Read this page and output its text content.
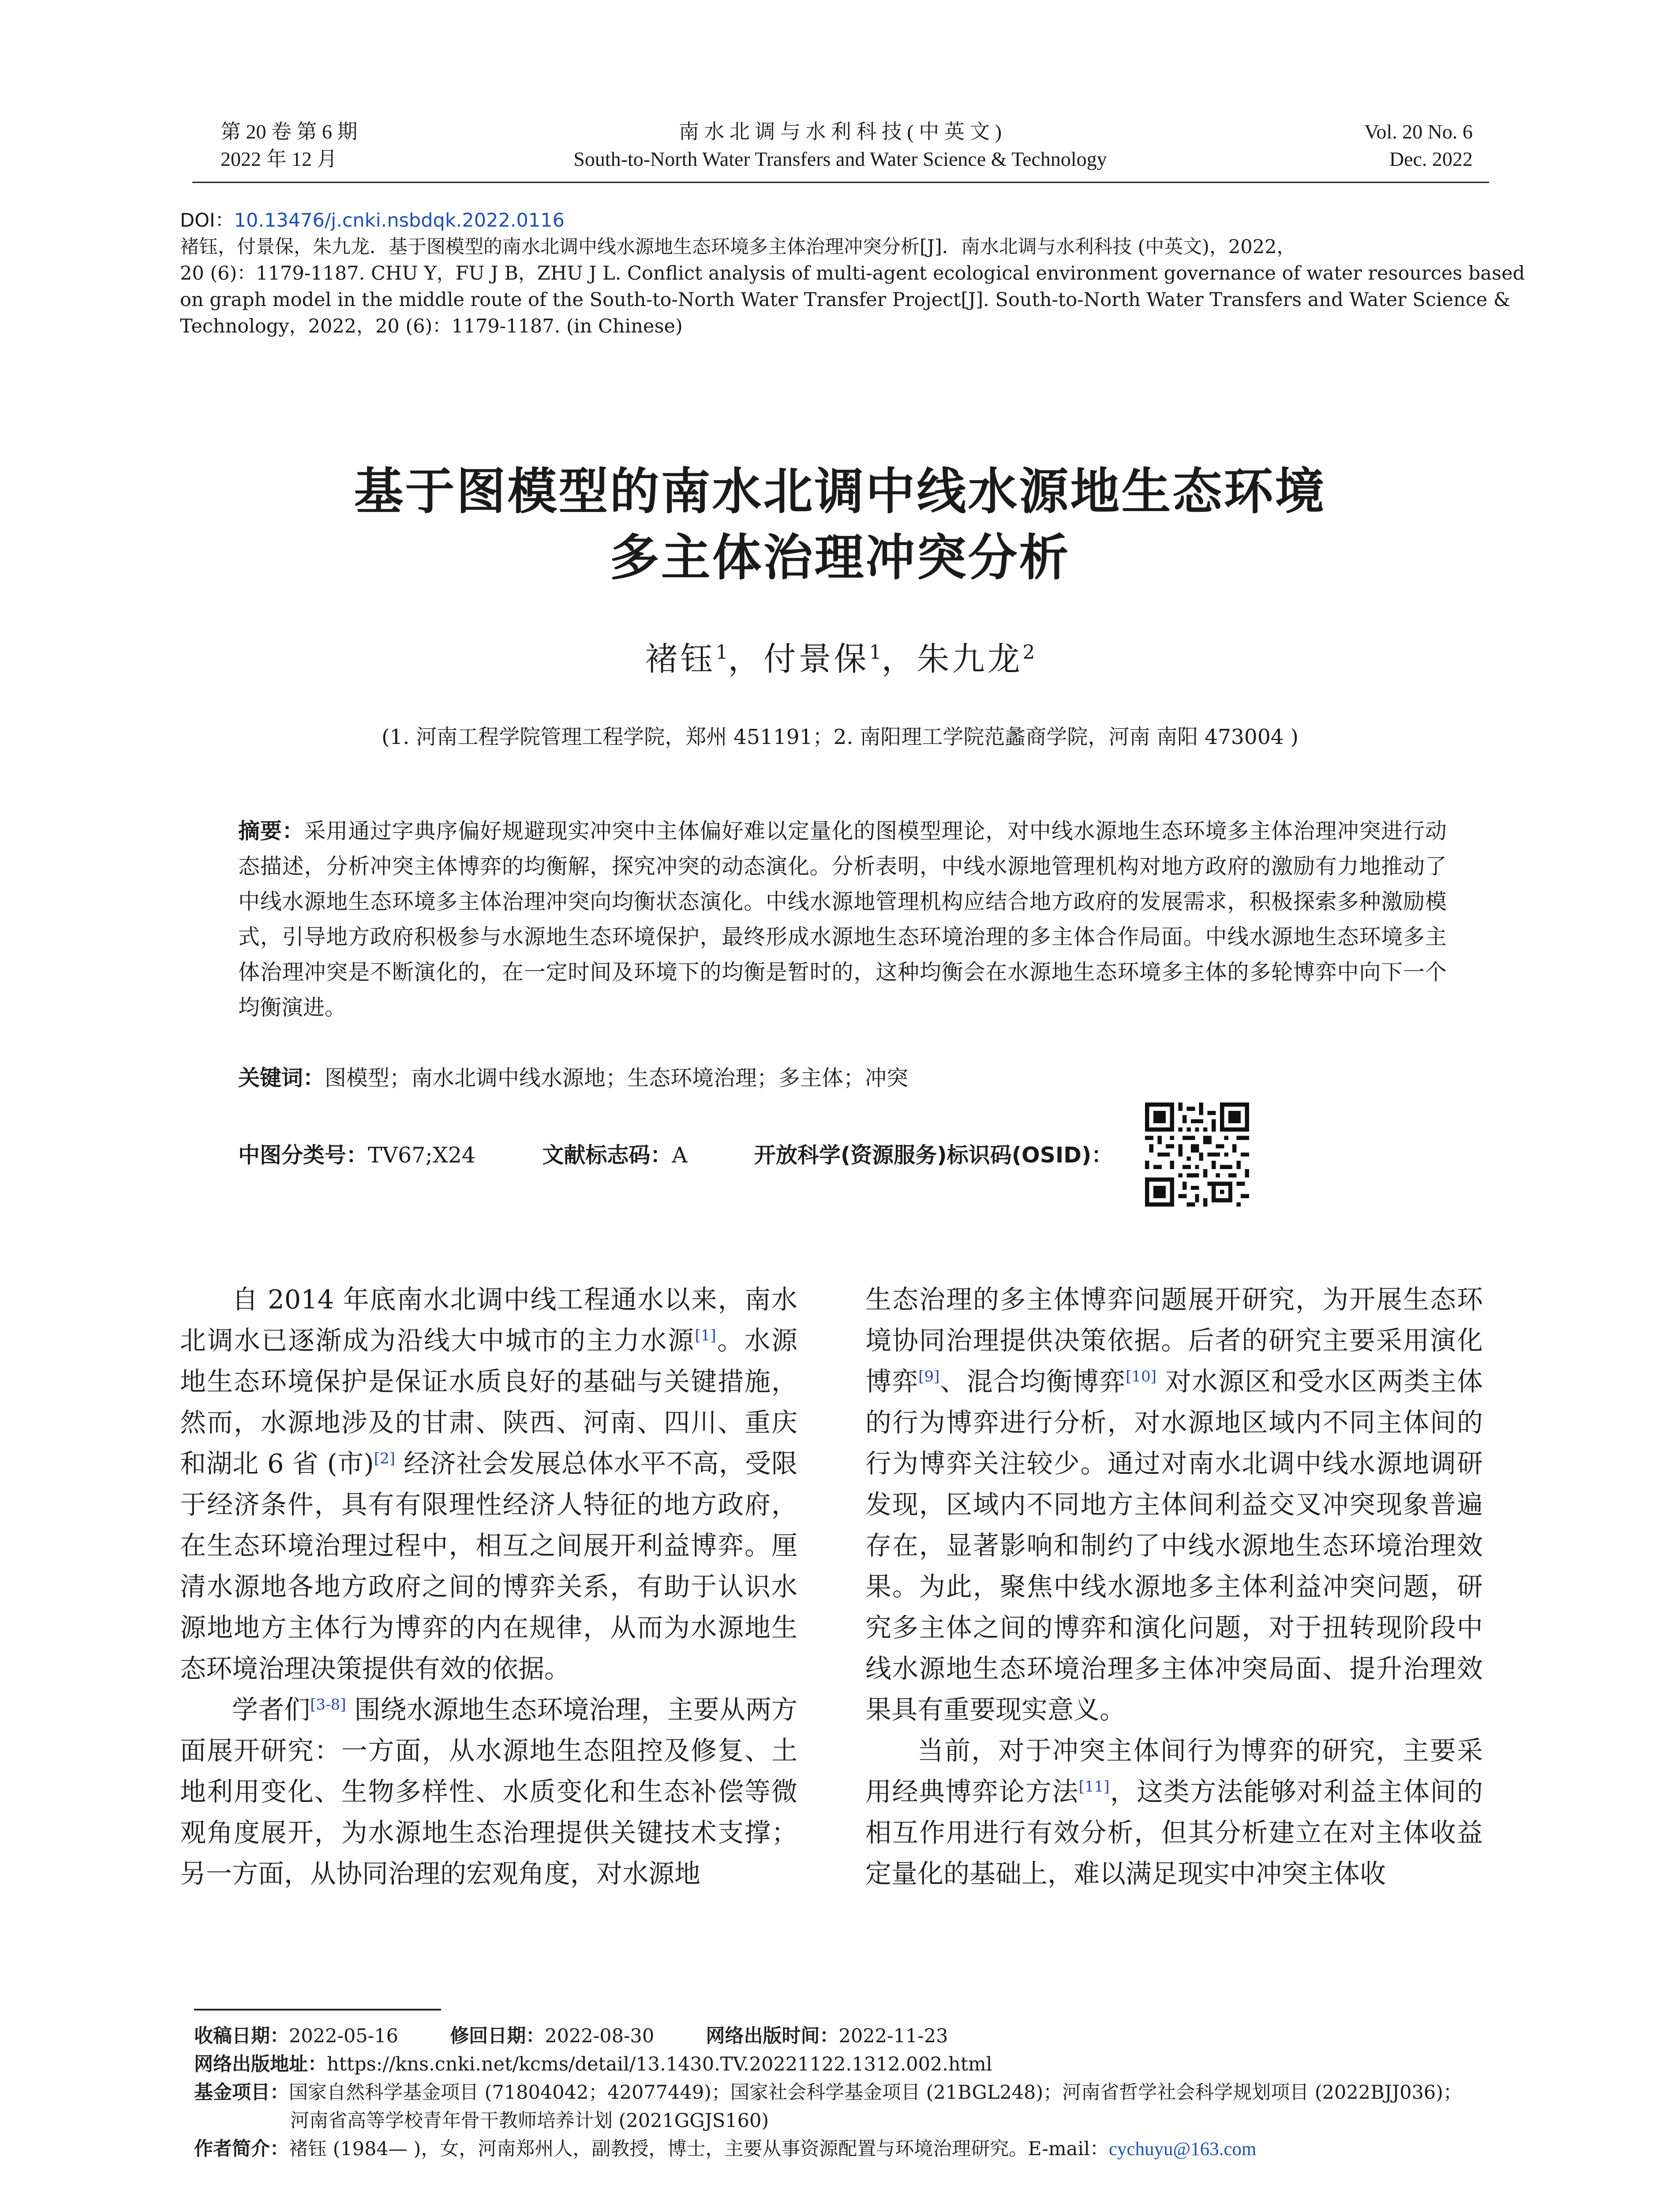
第 20 卷 第 6 期
2022 年 12 月
南 水 北 调 与 水 利 科 技 ( 中 英 文 )
South-to-North Water Transfers and Water Science & Technology
Vol. 20 No. 6
Dec. 2022
DOI：10.13476/j.cnki.nsbdqk.2022.0116
褚钰，付景保，朱九龙．基于图模型的南水北调中线水源地生态环境多主体治理冲突分析[J]．南水北调与水利科技 (中英文)，2022，
20 (6)：1179-1187. CHU Y，FU J B，ZHU J L. Conflict analysis of multi-agent ecological environment governance of water resources based
on graph model in the middle route of the South-to-North Water Transfer Project[J]. South-to-North Water Transfers and Water Science &
Technology，2022，20 (6)：1179-1187. (in Chinese)
基于图模型的南水北调中线水源地生态环境
多主体治理冲突分析
褚钰$^1$，付景保$^1$，朱九龙$^2$
(1. 河南工程学院管理工程学院，郑州 451191；2. 南阳理工学院范蠡商学院，河南 南阳 473004 )
摘要：采用通过字典序偏好规避现实冲突中主体偏好难以定量化的图模型理论，对中线水源地生态环境多主体治理冲突进行动态描述，分析冲突主体博弈的均衡解，探究冲突的动态演化。分析表明，中线水源地管理机构对地方政府的激励有力地推动了中线水源地生态环境多主体治理冲突向均衡状态演化。中线水源地管理机构应结合地方政府的发展需求，积极探索多种激励模式，引导地方政府积极参与水源地生态环境保护，最终形成水源地生态环境治理的多主体合作局面。中线水源地生态环境多主体治理冲突是不断演化的，在一定时间及环境下的均衡是暂时的，这种均衡会在水源地生态环境多主体的多轮博弈中向下一个均衡演进。
关键词：图模型；南水北调中线水源地；生态环境治理；多主体；冲突
中图分类号：TV67;X24	文献标志码：A	开放科学(资源服务)标识码(OSID)：

自 2014 年底南水北调中线工程通水以来，南水北调水已逐渐成为沿线大中城市的主力水源[1]。水源地生态环境保护是保证水质良好的基础与关键措施，然而，水源地涉及的甘肃、陕西、河南、四川、重庆和湖北 6 省 (市)[2] 经济社会发展总体水平不高，受限于经济条件，具有有限理性经济人特征的地方政府，在生态环境治理过程中，相互之间展开利益博弈。厘清水源地各地方政府之间的博弈关系，有助于认识水源地地方主体行为博弈的内在规律，从而为水源地生态环境治理决策提供有效的依据。

学者们[3-8] 围绕水源地生态环境治理，主要从两方面展开研究：一方面，从水源地生态阻控及修复、土地利用变化、生物多样性、水质变化和生态补偿等微观角度展开，为水源地生态治理提供关键技术支撑；另一方面，从协同治理的宏观角度，对水源地

生态治理的多主体博弈问题展开研究，为开展生态环境协同治理提供决策依据。后者的研究主要采用演化博弈[9]、混合均衡博弈[10] 对水源区和受水区两类主体的行为博弈进行分析，对水源地区域内不同主体间的行为博弈关注较少。通过对南水北调中线水源地调研发现，区域内不同地方主体间利益交叉冲突现象普遍存在，显著影响和制约了中线水源地生态环境治理效果。为此，聚焦中线水源地多主体利益冲突问题，研究多主体之间的博弈和演化问题，对于扭转现阶段中线水源地生态环境治理多主体冲突局面、提升治理效果具有重要现实意义。

当前，对于冲突主体间行为博弈的研究，主要采用经典博弈论方法[11]，这类方法能够对利益主体间的相互作用进行有效分析，但其分析建立在对主体收益定量化的基础上，难以满足现实中冲突主体收

收稿日期：2022-05-16	修回日期：2022-08-30	网络出版时间：2022-11-23
网络出版地址：https://kns.cnki.net/kcms/detail/13.1430.TV.20221122.1312.002.html
基金项目：国家自然科学基金项目 (71804042；42077449)；国家社会科学基金项目 (21BGL248)；河南省哲学社会科学规划项目 (2022BJJ036)；
河南省高等学校青年骨干教师培养计划 (2021GGJS160)
作者简介：褚钰 (1984— )，女，河南郑州人，副教授，博士，主要从事资源配置与环境治理研究。E-mail：cychuyu@163.com
